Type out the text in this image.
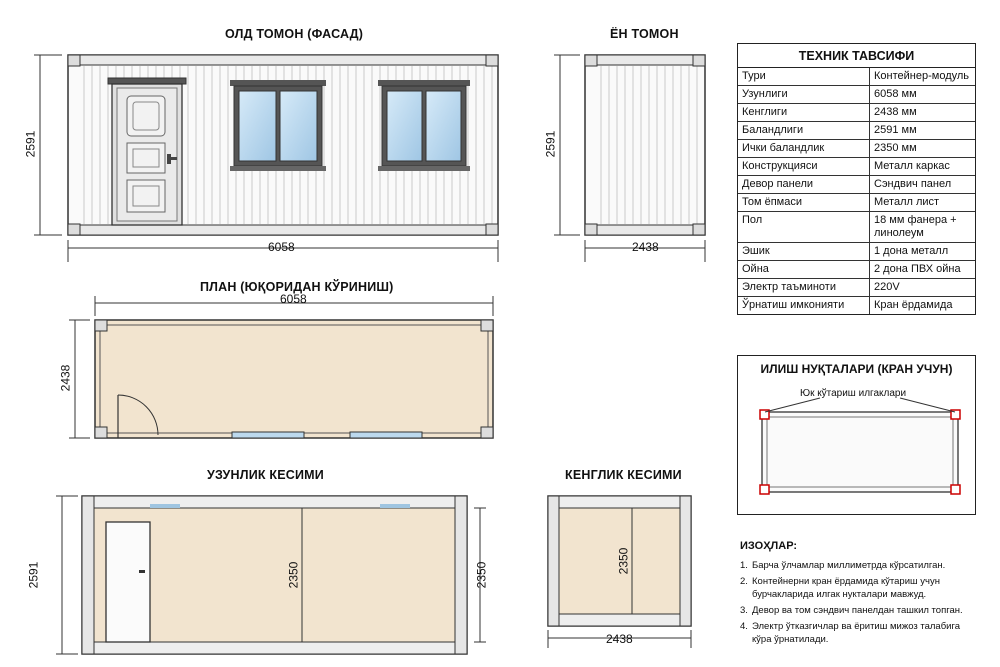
ОЛД ТОМОН (ФАСАД)	ЁН ТОМОН
ПЛАН (ЮҚОРИДАН КЎРИНИШ)
УЗУНЛИК КЕСИМИ	КЕНГЛИК КЕСИМИ
6058
2591
2438
2591
6058
2438
2591	2350	2350
2350
2438
ТЕХНИК ТАВСИФИ
Тури	Контейнер-модуль
Узунлиги	6058 мм
Кенглиги	2438 мм
Баландлиги	2591 мм
Ички баландлик	2350 мм
Конструкцияси	Металл каркас
Девор панели	Сэндвич панел
Том ёпмаси	Металл лист
Пол	18 мм фанера + линолеум
Эшик	1 дона металл
Ойна	2 дона ПВХ ойна
Электр таъминоти	220V
Ўрнатиш имконияти	Кран ёрдамида
ИЛИШ НУҚТАЛАРИ (КРАН УЧУН)
Юк кўтариш илгаклари
ИЗОҲЛАР:
1. Барча ўлчамлар миллиметрда кўрсатилган.
2. Контейнерни кран ёрдамида кўтариш учун бурчакларида илгак нукталари мавжуд.
3. Девор ва том сэндвич панелдан ташкил топган.
4. Электр ўтказгичлар ва ёритиш мижоз талабига кўра ўрнатилади.
